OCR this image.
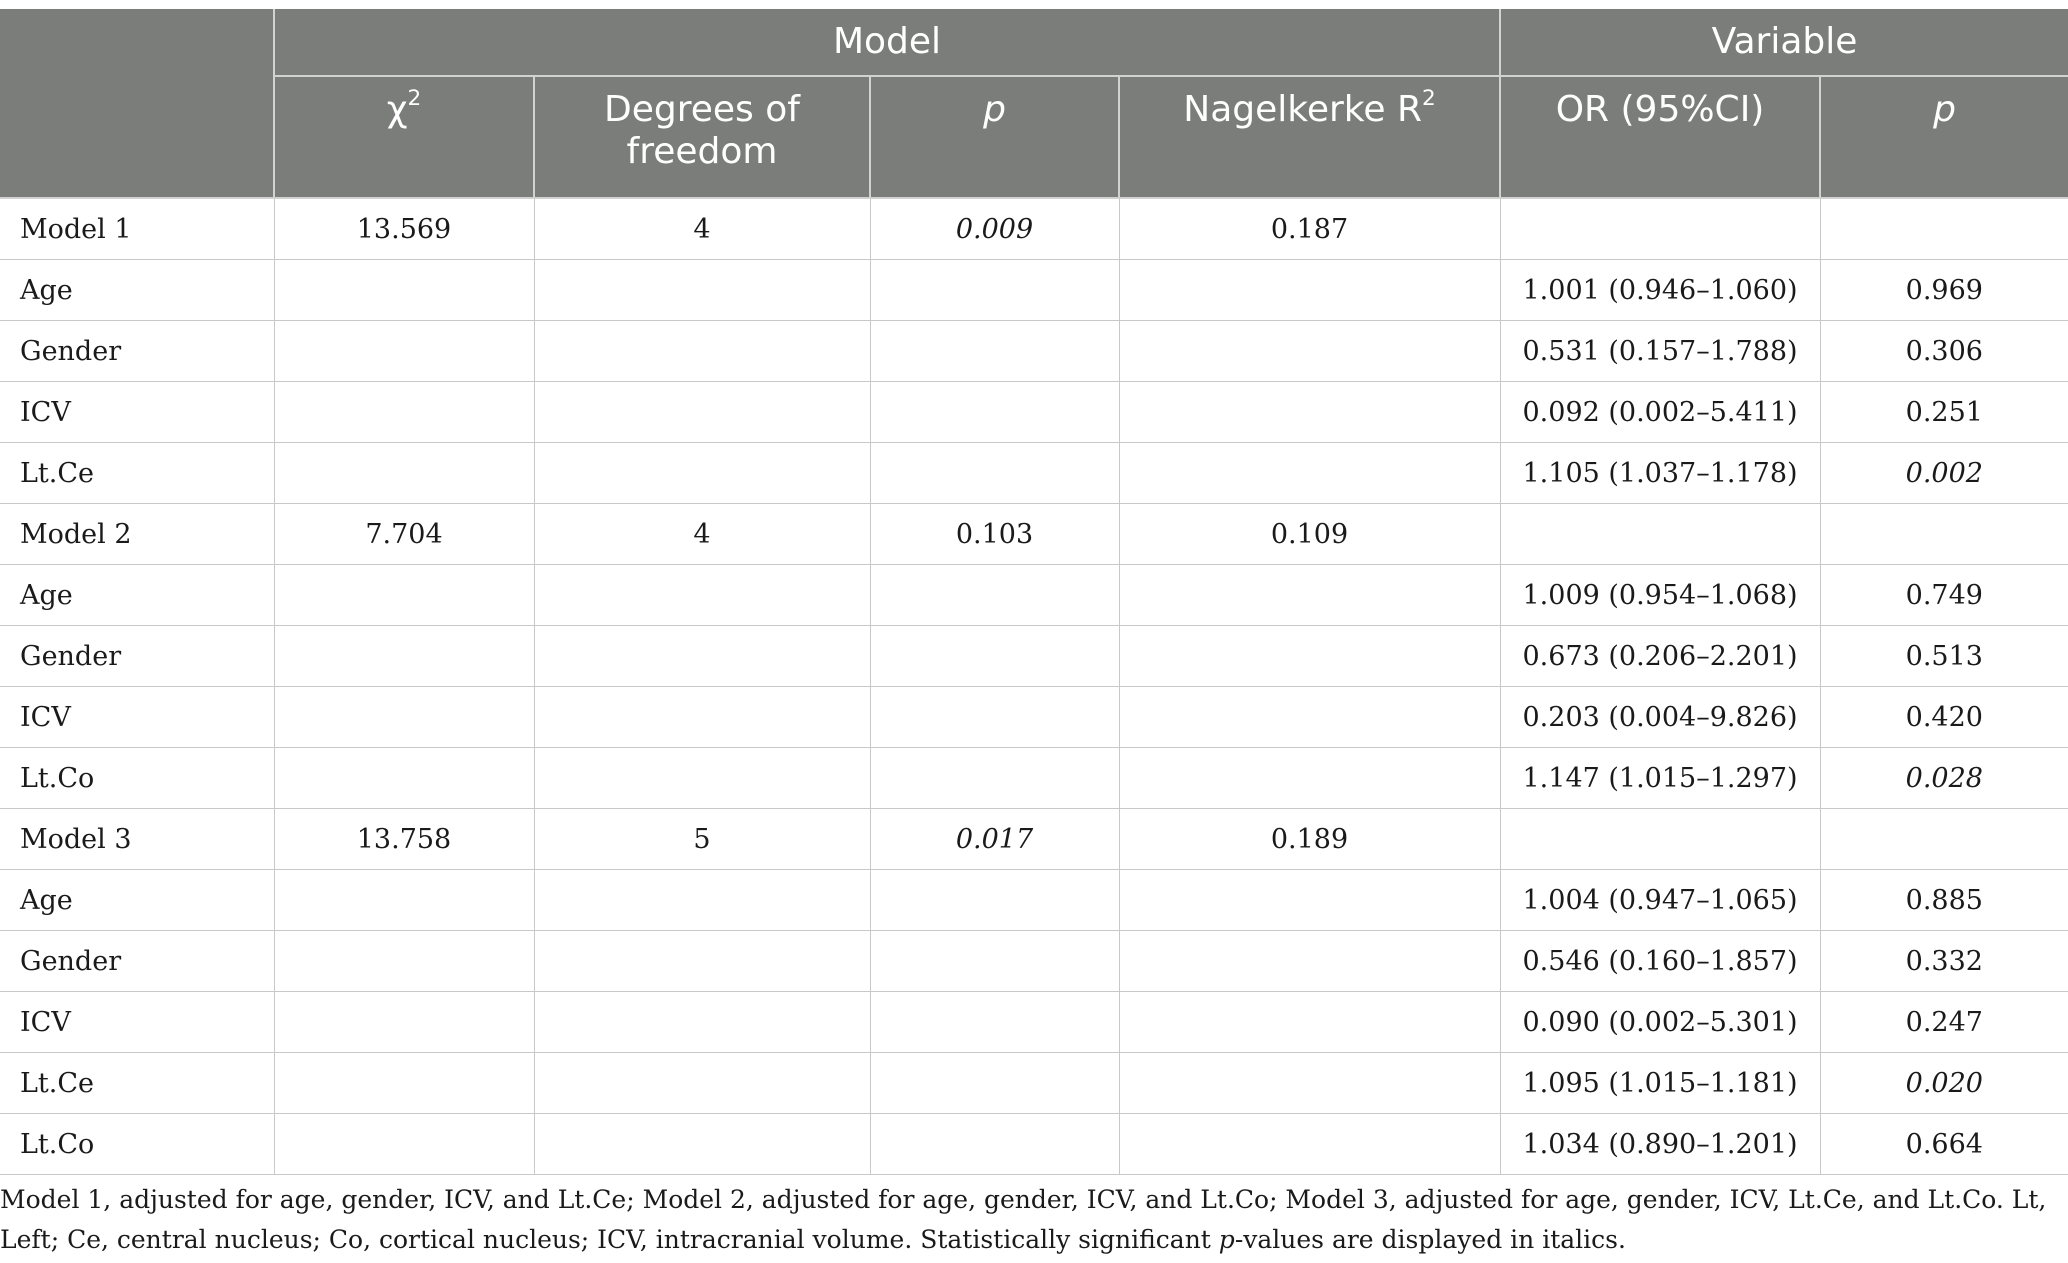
	Model				Variable	
	$\chi^2$	Degrees of freedom	p	Nagelkerke $R^2$	OR (95%CI)	p
Model 1	13.569	4	0.009	0.187		
Age					1.001 (0.946–1.060)	0.969
Gender					0.531 (0.157–1.788)	0.306
ICV					0.092 (0.002–5.411)	0.251
Lt.Ce					1.105 (1.037–1.178)	0.002
Model 2	7.704	4	0.103	0.109		
Age					1.009 (0.954–1.068)	0.749
Gender					0.673 (0.206–2.201)	0.513
ICV					0.203 (0.004–9.826)	0.420
Lt.Co					1.147 (1.015–1.297)	0.028
Model 3	13.758	5	0.017	0.189		
Age					1.004 (0.947–1.065)	0.885
Gender					0.546 (0.160–1.857)	0.332
ICV					0.090 (0.002–5.301)	0.247
Lt.Ce					1.095 (1.015–1.181)	0.020
Lt.Co					1.034 (0.890–1.201)	0.664
Model 1, adjusted for age, gender, ICV, and Lt.Ce; Model 2, adjusted for age, gender, ICV, and Lt.Co; Model 3, adjusted for age, gender, ICV, Lt.Ce, and Lt.Co. Lt, Left; Ce, central nucleus; Co, cortical nucleus; ICV, intracranial volume. Statistically significant p-values are displayed in italics.
